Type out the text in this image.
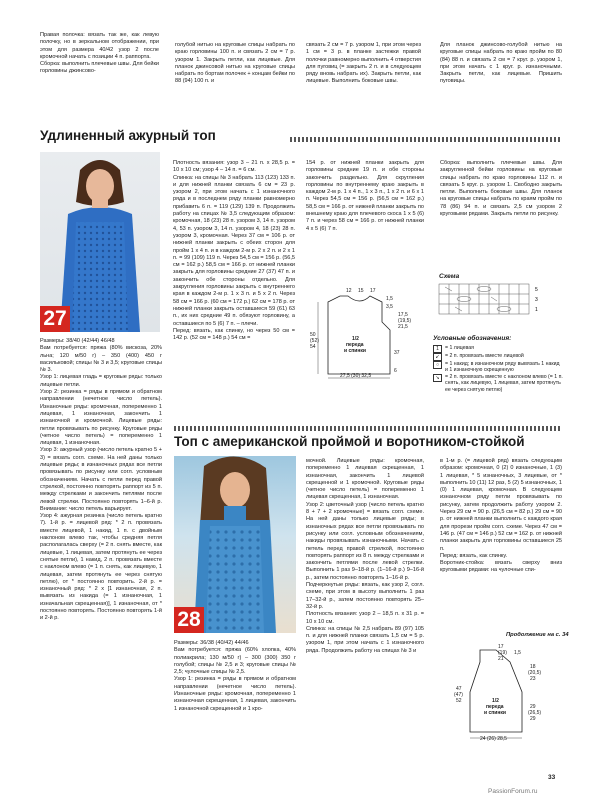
Правая полочка: вязать так же, как левую полочку, но в зеркальном отображении, при этом для размера 40/42 узор 2 после кромочной начать с позиции 4 п. раппорта.
Сборка: выполнить плечевые швы. Для бейки горловины джинсово-
голубой нитью на круговые спицы набрать по краю горловины 100 п. и связать 2 см = 7 р. узором 1. Закрыть петли, как лицевые. Для планок джинсовой нитью на круговые спицы набрать по бортам полочек + концам бейки по 88 (94) 100 п. и
связать 2 см = 7 р. узором 1, при этом через 1 см = 3 р. в планке застежки правой полочки равномерно выполнить 4 отверстия для пуговиц (= закрыть 2 п. и в следующем ряду вновь набрать их). Закрыть петли, как лицевые. Выполнить боковые швы.
Для планок джинсово-голубой нитью на круговые спицы набрать по краю пройм по 80 (84) 88 п. и связать 2 см = 7 круг. р. узором 1, при этом начать с 1 круг. р. изнаночными. Закрыть петли, как лицевые. Пришить пуговицы.
Удлиненный ажурный топ
27
Размеры: 38/40 (42/44) 46/48
Вам потребуется: пряжа (80% вискоза, 20% льна; 120 м/50 г) – 350 (400) 450 г васильковой; спицы № 3 и 3,5; круговые спицы № 3.
Узор 1: лицевая гладь = круговые ряды: только лицевые петли.
Узор 2: резинка = ряды в прямом и обратном направлении (нечетное число петель). Изнаночные ряды: кромочная, попеременно 1 лицевая, 1 изнаночная, закончить 1 изнаночной и кромочной. Лицевые ряды: петли провязывать по рисунку. Круговые ряды (четное число петель) = попеременно 1 лицевая, 1 изнаночная.
Узор 3: ажурный узор (число петель кратно 5 + 3) = вязать согл. схеме. На ней даны только лицевые ряды; в изнаночных рядах все петли провязывать по рисунку или согл. условным обозначениям. Начать с петли перед правой стрелкой, постоянно повторять раппорт из 5 п. между стрелками и закончить петлями после левой стрелки. Постоянно повторять 1–6-й р. Внимание: число петель варьирует.
Узор 4: ажурная резинка (число петель кратно 7). 1-й р. = лицевой ряд: * 2 п. провязать вместе лицевой, 1 накид, 1 п. с двойным наклоном влево так, чтобы средняя петля располагалась сверху (= 2 п. снять вместе, как лицевые, 1 лицевая, затем протянуть ее через снятые петли), 1 накид, 2 п. провязать вместе с наклоном влево (= 1 п. снять, как лицевую, 1 лицевая, затем протянуть ее через снятую петлю), от * постоянно повторить. 2-й р. = изнаночный ряд: * 2 х [1 изнаночная, 2 п. вывязать из накида (= 1 изнаночная, 1 изначальная скрещенная)], 1 изнаночная, от * постоянно повторять. Постоянно повторять 1-й и 2-й р.
Плотность вязания: узор 3 – 21 п. x 28,5 р. = 10 x 10 см; узор 4 – 14 п. = 6 см.
Спинка: на спицы № 3 набрать 113 (123) 133 п. и для нижней планки связать 6 см = 23 р. узором 2, при этом начать с 1 изнаночного ряда и в последнем ряду планки равномерно прибавить 6 п. = 119 (129) 139 п. Продолжить работу на спицах № 3,5 следующим образом: кромочная, 18 (23) 28 п. узором 3, 14 п. узором 4, 53 п. узором 3, 14 п. узором 4, 18 (23) 28 п. узором 3, кромочная. Через 37 см = 106 р. от нижней планки закрыть с обеих сторон для пройм 1 x 4 п. и в каждом 2-м р. 2 x 2 п. и 2 x 1 п. = 99 (109) 119 п. Через 54,5 см = 156 р. (56,5 см = 162 р.) 58,5 см = 166 р. от нижней планки закрыть для горловины средние 27 (37) 47 п. и закончить обе стороны отдельно. Для закругления горловины закрыть с внутреннего края в каждом 2-м р. 1 x 3 п. и 5 x 2 п. Через 58 см = 166 р. (60 см = 172 р.) 62 см = 178 р. от нижней планки закрыть оставшиеся 59 (61) 63 п., их них средние 49 п. обязуют горловину, а оставшиеся по 5 (6) 7 п. – плечи.
Перед: вязать, как спинку, но через 50 см = 142 р. (52 см = 148 р.) 54 см =
154 р. от нижней планки закрыть для горловины средние 19 п. и обе стороны закончить раздельно. Для скругления горловины по внутреннему краю закрыть в каждом 2-м р. 1 x 4 п., 1 x 3 п., 1 x 2 п. и 6 x 1 п. Через 54,5 см = 156 р. (56,5 см = 162 р.) 58,5 см = 166 р. от нижней планки закрыть по внешнему краю для плечевого скоса 1 x 5 (6) 7 п. и через 58 см = 166 р. от нижней планки 4 x 5 (6) 7 п.
Сборка: выполнить плечевые швы. Для закругленной бейки горловины на круговые спицы набрать по краю горловины 112 п. и связать 5 круг. р. узором 1. Свободно закрыть петли. Выполнить боковые швы. Для планок на круговые спицы набрать по краям пройм по 78 (86) 94 п. и связать 2,5 см узором 2 круговыми рядами. Закрыть петли по рисунку.
Схема
5
3
1
12 15 17
1,5
3,5
17,5
(19,5)
21,5
50
(52)
54
37
6
1/2
переда
и спинки
27,5 (30) 32,5
Условные обозначения:
1	= 1 лицевая
↙	= 2 п. провязать вместе лицевой
○	= 1 накид; в изнаночном ряду вывязать 1 накид и 1 изнаночную скрещенную
↘	= 2 п. провязать вместе с наклоном влево (= 1 п. снять, как лицевую, 1 лицевая, затем протянуть ее через снятую петлю)
Топ с американской проймой и воротником-стойкой
28
Размеры: 36/38 (40/42) 44/46
Вам потребуется: пряжа (60% хлопка, 40% полиакрила; 130 м/50 г) – 300 (300) 350 г голубой; спицы № 2,5 и 3; круговые спицы № 2,5; чулочные спицы № 2,5.
Узор 1: резинка = ряды в прямом и обратном направлении (нечетное число петель). Изнаночные ряды: кромочная, попеременно 1 изнаночная скрещенная, 1 лицевая, закончить 1 изнаночной скрещенной и 1 кро-
мочной. Лицевые ряды: кромочная, попеременно 1 лицевая скрещенная, 1 изнаночная, закончить 1 лицевой скрещенной и 1 кромочной. Круговые ряды (четное число петель) = попеременно 1 лицевая скрещенная, 1 изнаночная.
Узор 2: цветочный узор (число петель кратно 8 + 7 + 2 кромочные) = вязать согл. схеме. На ней даны только лицевые ряды; в изнаночных рядах все петли провязывать по рисунку или согл. условным обозначениям, накиды провязывать изнаночными. Начать с петель перед правой стрелкой, постоянно повторять раппорт из 8 п. между стрелками и закончить петлями после левой стрелки. Выполнить 1 раз 9–18-й р. (1–16-й р.) 9–16-й р., затем постоянно повторять 1–16-й р.
Подчеркнутые ряды: вязать, как узор 2, согл. схеме, при этом в высоту выполнить 1 раз 17–32-й р., затем постоянно повторять 25–32-й р.
Плотность вязания: узор 2 – 18,5 п. x 31 р. = 10 x 10 см.
Спинка: на спицы № 2,5 набрать 89 (97) 105 п. и для нижней планки связать 1,5 см = 5 р. узором 1, при этом начать с 1 изнаночного ряда. Продолжить работу на спицах № 3 и
в 1-м р. (= лицевой ряд) вязать следующим образом: кромочная, 0 (2) 0 изнаночные, 1 (3) 1 лицевая, * 5 изнаночных, 3 лицевые, от * выполнить 10 (11) 12 раз, 5 (2) 5 изнаночных, 1 (0) 1 лицевая, кромочная. В следующем изнаночном ряду петли провязывать по рисунку, затем продолжить работу узором 2. Через 29 см = 90 р. (26,5 см = 82 р.) 29 см = 90 р. от нижней планки выполнить с каждого края для прорези пройм согл. схеме. Через 47 см = 146 р. (47 см = 146 р.) 52 см = 162 р. от нижней планки закрыть для горловины оставшиеся 25 п.
Перед: вязать, как спинку.
Воротник-стойка: вязать сверху вниз круговыми рядами: на чулочные спи-
Продолжение на с. 34
17
(19)
21
1,5
18
(20,5)
23
47
(47)
52
29
(26,5)
29
1/2
переда
и спинки
24 (26) 28,5
33
PassionForum.ru
